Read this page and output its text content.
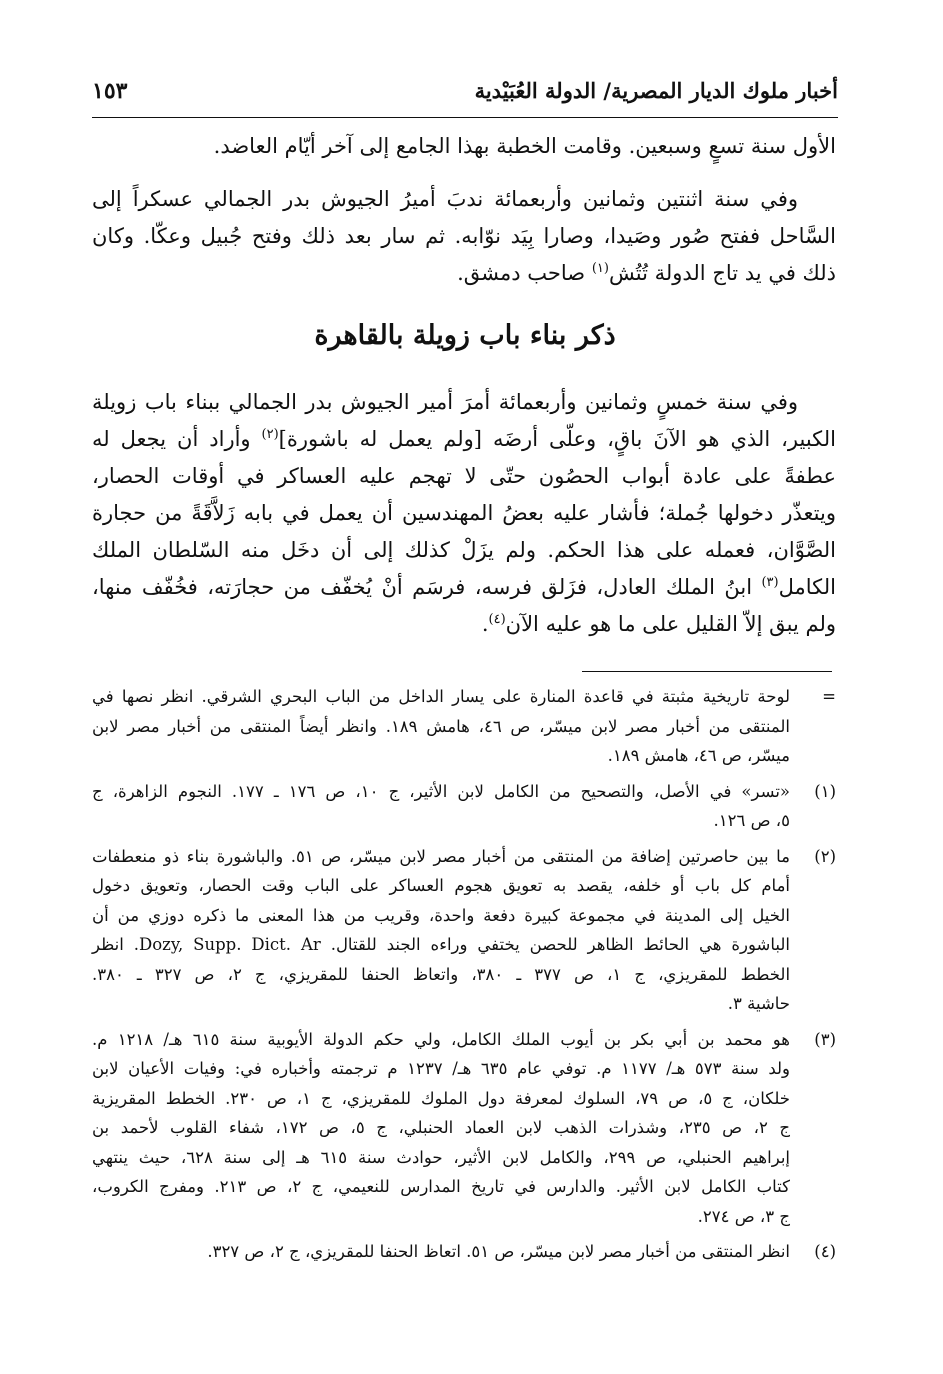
أخبار ملوك الديار المصرية/ الدولة العُبَيْدية
١٥٣
الأول سنة تسعٍ وسبعين. وقامت الخطبة بهذا الجامع إلى آخر أيّام العاضد.
وفي سنة اثنتين وثمانين وأربعمائة ندبَ أميرُ الجيوش بدر الجمالي عسكراً إلى
السَّاحل ففتح صُور وصَيدا، وصارا بِيَد نوّابه. ثم سار بعد ذلك وفتح جُبيل وعكّا. وكان
ذلك في يد تاج الدولة تُتُش$^{(١)}$ صاحب دمشق.
ذكر بناء باب زويلة بالقاهرة
وفي سنة خمسٍ وثمانين وأربعمائة أمرَ أمير الجيوش بدر الجمالي ببناء باب زويلة
الكبير، الذي هو الآنَ باقٍ، وعلّى أرضَه [ولم يعمل له باشورة]$^{(٢)}$ وأراد أن يجعل له
عطفةً على عادة أبواب الحصُون حتّى لا تهجم عليه العساكر في أوقات الحصار،
ويتعذّر دخولها جُملة؛ فأشار عليه بعضُ المهندسين أن يعمل في بابه زَلاَّقَةً من حجارة
الصَّوَّان، فعمله على هذا الحكم. ولم يزَلْ كذلك إلى أن دخَل منه السّلطان الملك
الكامل$^{(٣)}$ ابنُ الملك العادل، فزَلق فرسه، فرسَم أنْ يُخفّف من حجارَته، فخُفّف منها،
ولم يبق إلاّ القليل على ما هو عليه الآن$^{(٤)}$.
=
لوحة تاريخية مثبتة في قاعدة المنارة على يسار الداخل من الباب البحري الشرقي. انظر نصها في
المنتقى من أخبار مصر لابن ميسّر، ص ٤٦، هامش ١٨٩. وانظر أيضاً المنتقى من أخبار مصر لابن
ميسّر، ص ٤٦، هامش ١٨٩.
(١)
«تسر» في الأصل، والتصحيح من الكامل لابن الأثير، ج ١٠، ص ١٧٦ ـ ١٧٧. النجوم الزاهرة، ج
٥، ص ١٢٦.
(٢)
ما بين حاصرتين إضافة من المنتقى من أخبار مصر لابن ميسّر، ص ٥١. والباشورة بناء ذو منعطفات
أمام كل باب أو خلفه، يقصد به تعويق هجوم العساكر على الباب وقت الحصار، وتعويق دخول
الخيل إلى المدينة في مجموعة كبيرة دفعة واحدة، وقريب من هذا المعنى ما ذكره دوزي من أن
الباشورة هي الحائط الظاهر للحصن يختفي وراءه الجند للقتال. Dozy, Supp. Dict. Ar. انظر
الخطط للمقريزي، ج ١، ص ٣٧٧ ـ ٣٨٠، واتعاظ الحنفا للمقريزي، ج ٢، ص ٣٢٧ ـ ٣٨٠.
حاشية ٣.
(٣)
هو محمد بن أبي بكر بن أيوب الملك الكامل، ولي حكم الدولة الأيوبية سنة ٦١٥ هـ/ ١٢١٨ م.
ولد سنة ٥٧٣ هـ/ ١١٧٧ م. توفي عام ٦٣٥ هـ/ ١٢٣٧ م ترجمته وأخباره في: وفيات الأعيان لابن
خلكان، ج ٥، ص ٧٩، السلوك لمعرفة دول الملوك للمقريزي، ج ١، ص ٢٣٠. الخطط المقريزية
ج ٢، ص ٢٣٥، وشذرات الذهب لابن العماد الحنبلي، ج ٥، ص ١٧٢، شفاء القلوب لأحمد بن
إبراهيم الحنبلي، ص ٢٩٩، والكامل لابن الأثير، حوادث سنة ٦١٥ هـ إلى سنة ٦٢٨، حيث ينتهي
كتاب الكامل لابن الأثير. والدارس في تاريخ المدارس للنعيمي، ج ٢، ص ٢١٣. ومفرج الكروب،
ج ٣، ص ٢٧٤.
(٤)
انظر المنتقى من أخبار مصر لابن ميسّر، ص ٥١. اتعاظ الحنفا للمقريزي، ج ٢، ص ٣٢٧.
